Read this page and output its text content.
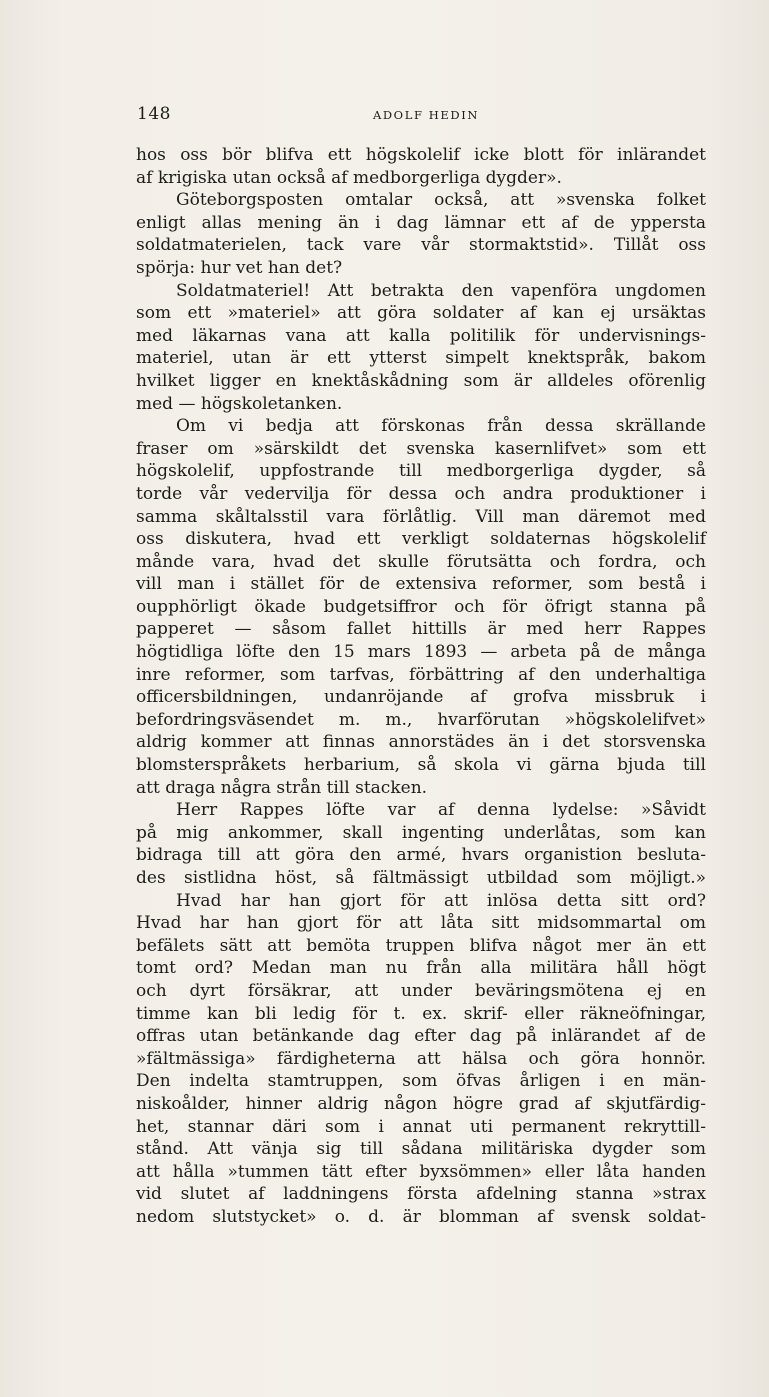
148	ADOLF HEDIN
hos oss bör blifva ett högskolelif icke blott för inlärandet
af krigiska utan också af medborgerliga dygder».
Göteborgsposten omtalar också, att »svenska folket
enligt allas mening än i dag lämnar ett af de yppersta
soldatmaterielen, tack vare vår stormaktstid». Tillåt oss
spörja: hur vet han det?
Soldatmateriel! Att betrakta den vapenföra ungdomen
som ett »materiel» att göra soldater af kan ej ursäktas
med läkarnas vana att kalla politilik för undervisnings-
materiel, utan är ett ytterst simpelt knektspråk, bakom
hvilket ligger en knektåskådning som är alldeles oförenlig
med — högskoletanken.
Om vi bedja att förskonas från dessa skrällande
fraser om »särskildt det svenska kasernlifvet» som ett
högskolelif, uppfostrande till medborgerliga dygder, så
torde vår vedervilja för dessa och andra produktioner i
samma skåltalsstil vara förlåtlig. Vill man däremot med
oss diskutera, hvad ett verkligt soldaternas högskolelif
månde vara, hvad det skulle förutsätta och fordra, och
vill man i stället för de extensiva reformer, som bestå i
oupphörligt ökade budgetsiffror och för öfrigt stanna på
papperet — såsom fallet hittills är med herr Rappes
högtidliga löfte den 15 mars 1893 — arbeta på de många
inre reformer, som tarfvas, förbättring af den underhaltiga
officersbildningen, undanröjande af grofva missbruk i
befordringsväsendet m. m., hvarförutan »högskolelifvet»
aldrig kommer att finnas annorstädes än i det storsvenska
blomsterspråkets herbarium, så skola vi gärna bjuda till
att draga några strån till stacken.
Herr Rappes löfte var af denna lydelse: »Såvidt
på mig ankommer, skall ingenting underlåtas, som kan
bidraga till att göra den armé, hvars organistion besluta-
des sistlidna höst, så fältmässigt utbildad som möjligt.»
Hvad har han gjort för att inlösa detta sitt ord?
Hvad har han gjort för att låta sitt midsommartal om
befälets sätt att bemöta truppen blifva något mer än ett
tomt ord? Medan man nu från alla militära håll högt
och dyrt försäkrar, att under beväringsmötena ej en
timme kan bli ledig för t. ex. skrif- eller räkneöfningar,
offras utan betänkande dag efter dag på inlärandet af de
»fältmässiga» färdigheterna att hälsa och göra honnör.
Den indelta stamtruppen, som öfvas årligen i en män-
niskoålder, hinner aldrig någon högre grad af skjutfärdig-
het, stannar däri som i annat uti permanent rekryttill-
stånd. Att vänja sig till sådana militäriska dygder som
att hålla »tummen tätt efter byxsömmen» eller låta handen
vid slutet af laddningens första afdelning stanna »strax
nedom slutstycket» o. d. är blomman af svensk soldat-
